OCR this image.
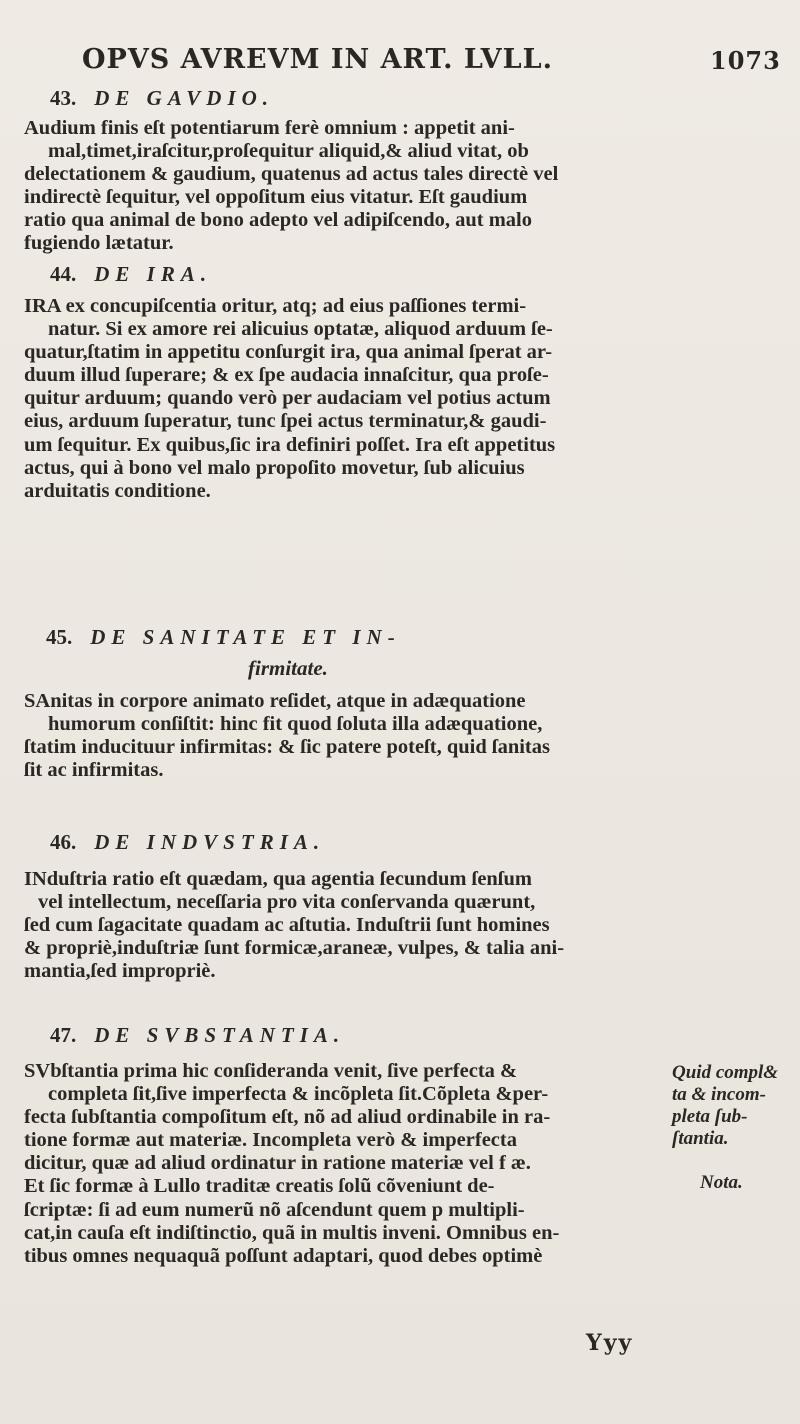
OPVS AVREVM IN ART. LVLL.	1073
43. DE GAVDIO.
Audium finis eſt potentiarum ferè omnium : appetit ani-
mal,timet,iraſcitur,proſequitur aliquid,& aliud vitat, ob
delectationem & gaudium, quatenus ad actus tales directè vel
indirectè ſequitur, vel oppoſitum eius vitatur. Eſt gaudium
ratio qua animal de bono adepto vel adipiſcendo, aut malo
fugiendo lætatur.
44. DE IRA.
IRA ex concupiſcentia oritur, atq; ad eius paſſiones termi-
natur. Si ex amore rei alicuius optatæ, aliquod arduum ſe-
quatur,ſtatim in appetitu conſurgit ira, qua animal ſperat ar-
duum illud ſuperare; & ex ſpe audacia innaſcitur, qua proſe-
quitur arduum; quando verò per audaciam vel potius actum
eius, arduum ſuperatur, tunc ſpei actus terminatur,& gaudi-
um ſequitur. Ex quibus,ſic ira definiri poſſet. Ira eſt appetitus
actus, qui à bono vel malo propoſito movetur, ſub alicuius
arduitatis conditione.
45. DE SANITATE ET IN-
firmitate.
SAnitas in corpore animato reſidet, atque in adæquatione
humorum conſiſtit: hinc fit quod ſoluta illa adæquatione,
ſtatim inducituur infirmitas: & ſic patere poteſt, quid ſanitas
ſit ac infirmitas.
46. DE INDVSTRIA.
INduſtria ratio eſt quædam, qua agentia ſecundum ſenſum
vel intellectum, neceſſaria pro vita conſervanda quærunt,
ſed cum ſagacitate quadam ac aſtutia. Induſtrii ſunt homines
& propriè,induſtriæ ſunt formicæ,araneæ, vulpes, & talia ani-
mantia,ſed impropriè.
47. DE SVBSTANTIA.
SVbſtantia prima hic conſideranda venit, ſive perfecta &
completa ſit,ſive imperfecta & incõpleta ſit.Cõpleta &per-
fecta ſubſtantia compoſitum eſt, nõ ad aliud ordinabile in ra-
tione formæ aut materiæ. Incompleta verò & imperfecta
dicitur, quæ ad aliud ordinatur in ratione materiæ vel f æ.
Et ſic formæ à Lullo traditæ creatis ſolũ cõveniunt de-
ſcriptæ: ſi ad eum numerũ nõ aſcendunt quem p multipli-
cat,in cauſa eſt indiſtinctio, quã in multis inveni. Omnibus en-
tibus omnes nequaquã poſſunt adaptari, quod debes optimè
Quid compl&
ta & incom-
pleta ſub-
ſtantia.
Nota.
Yyy
